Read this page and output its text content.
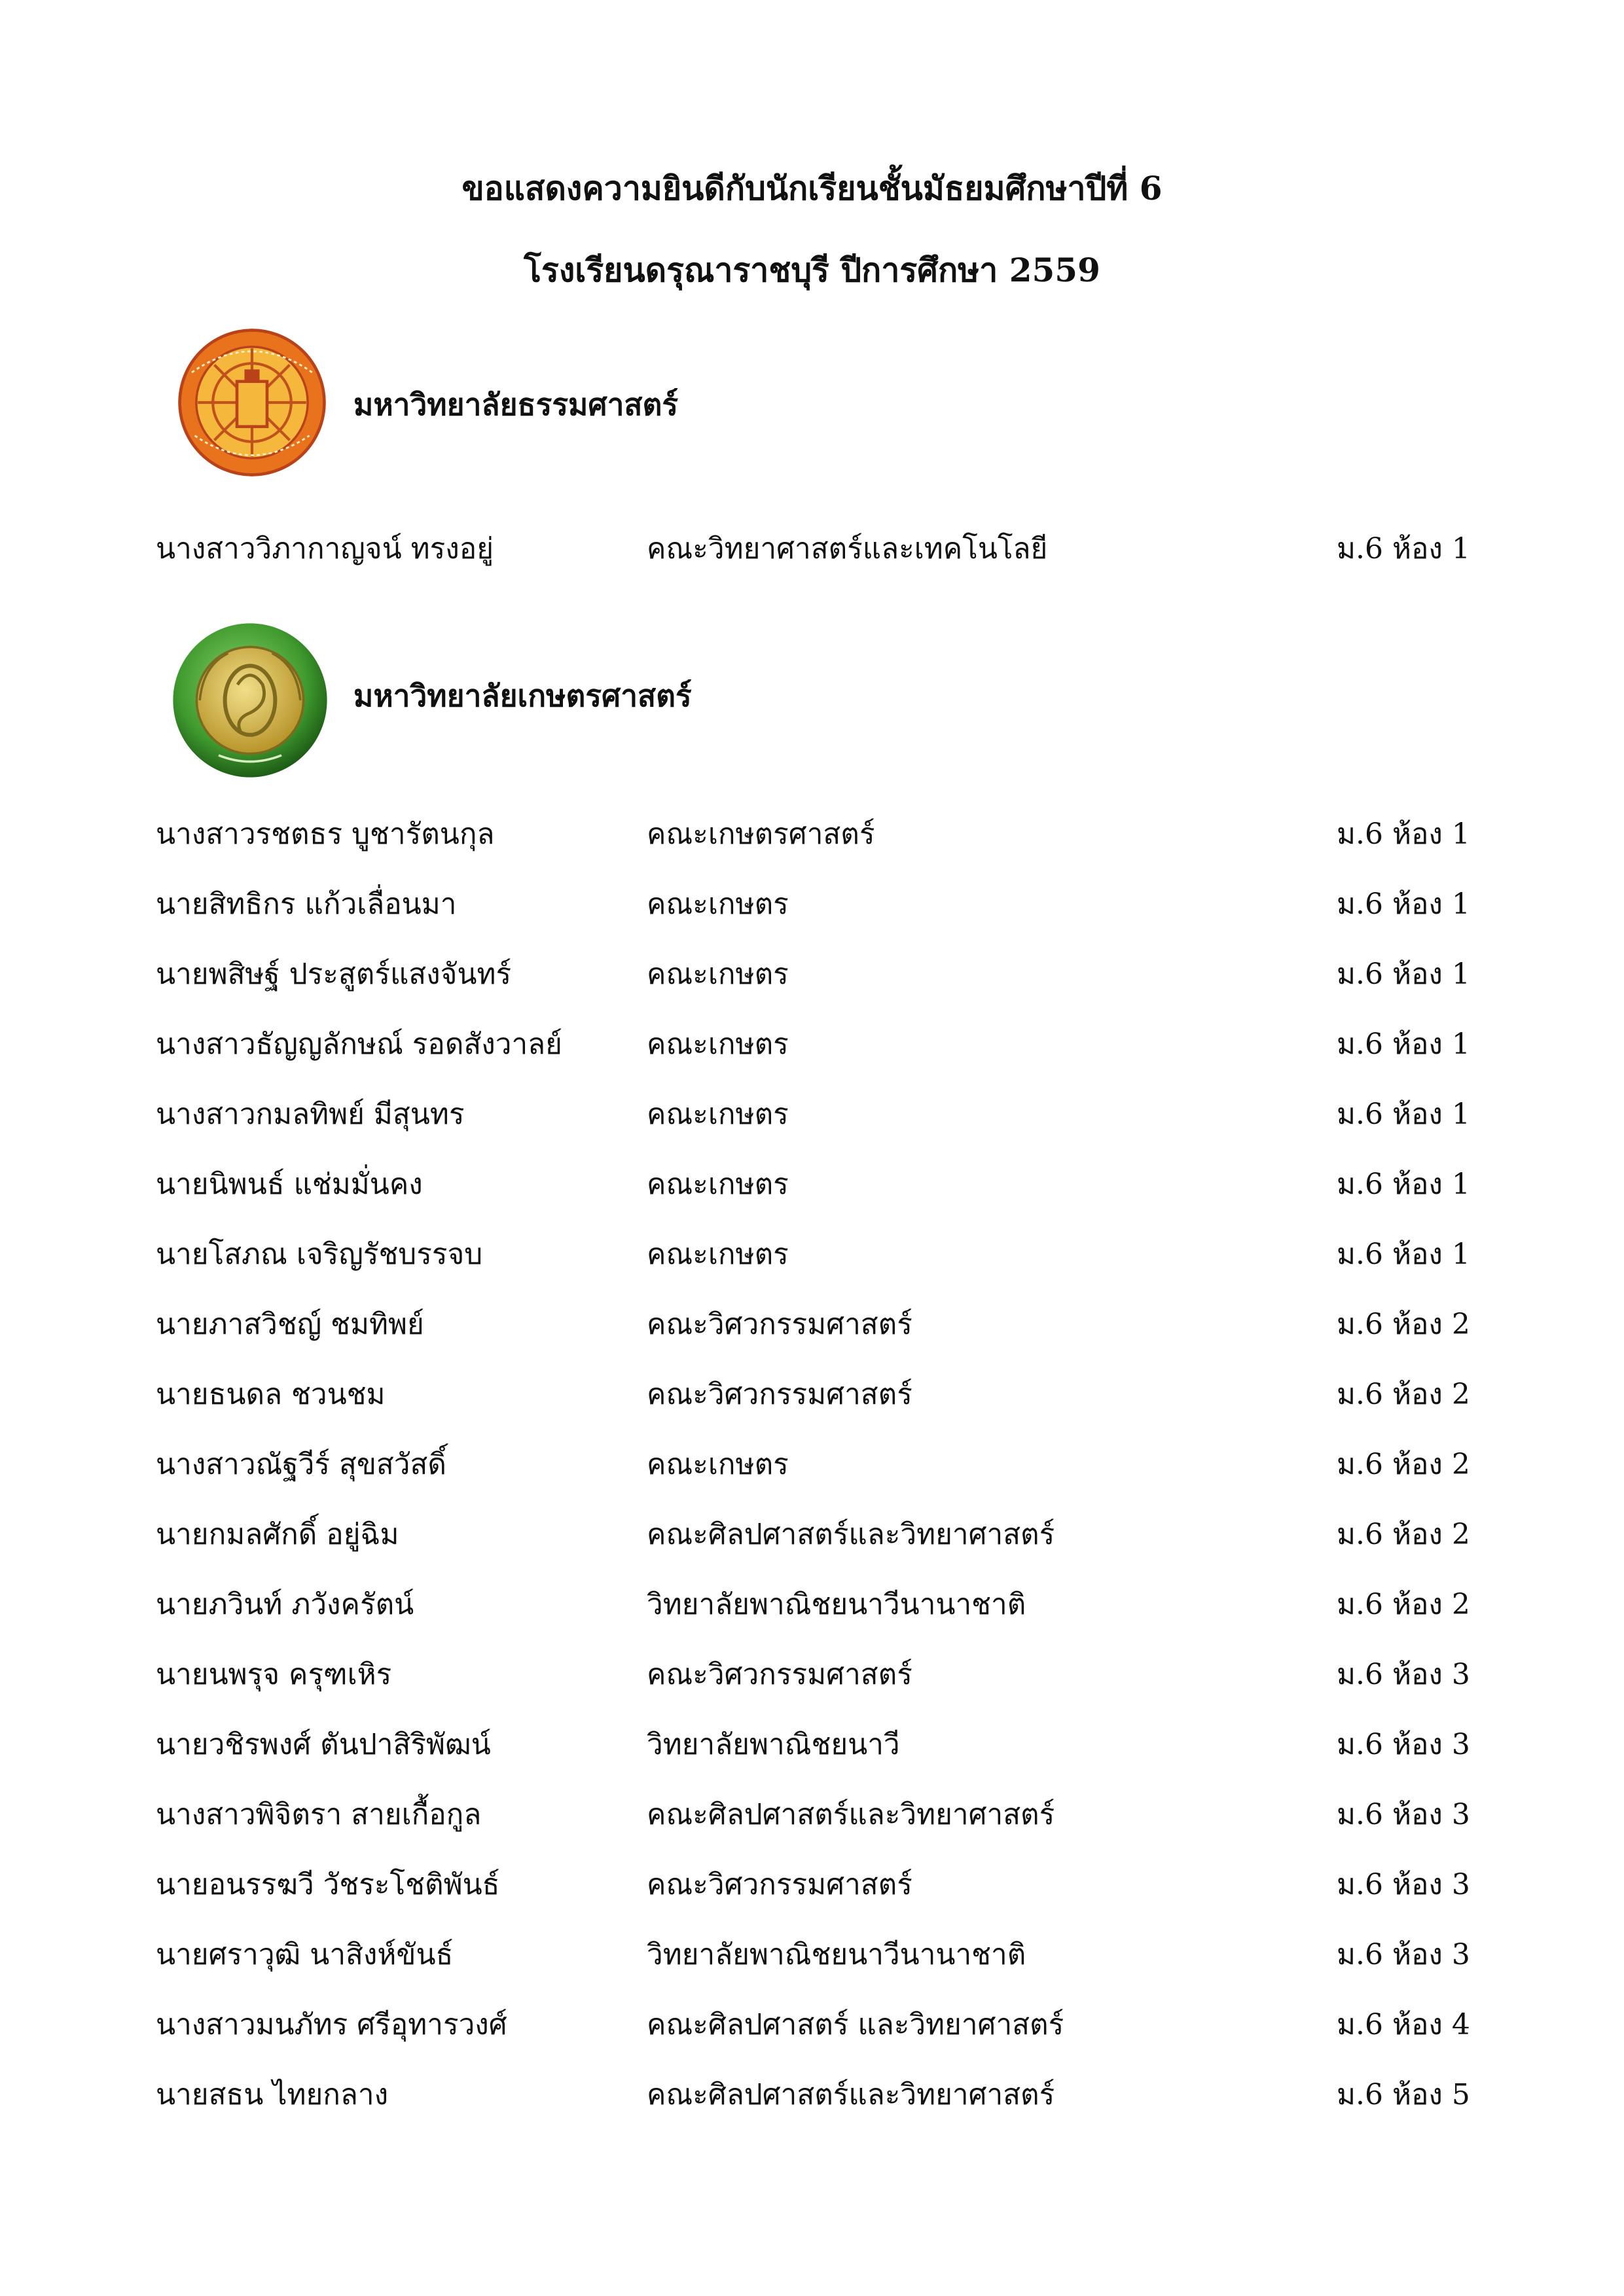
ขอแสดงความยินดีกับนักเรียนชั้นมัธยมศึกษาปีที่ 6
โรงเรียนดรุณาราชบุรี ปีการศึกษา 2559
มหาวิทยาลัยธรรมศาสตร์
นางสาววิภากาญจน์ ทรงอยู่	คณะวิทยาศาสตร์และเทคโนโลยี	ม.6 ห้อง 1
มหาวิทยาลัยเกษตรศาสตร์
นางสาวรชตธร บูชารัตนกุล	คณะเกษตรศาสตร์	ม.6 ห้อง 1
นายสิทธิกร แก้วเลื่อนมา	คณะเกษตร	ม.6 ห้อง 1
นายพสิษฐ์ ประสูตร์แสงจันทร์	คณะเกษตร	ม.6 ห้อง 1
นางสาวธัญญลักษณ์ รอดสังวาลย์	คณะเกษตร	ม.6 ห้อง 1
นางสาวกมลทิพย์ มีสุนทร	คณะเกษตร	ม.6 ห้อง 1
นายนิพนธ์ แช่มมั่นคง	คณะเกษตร	ม.6 ห้อง 1
นายโสภณ เจริญรัชบรรจบ	คณะเกษตร	ม.6 ห้อง 1
นายภาสวิชญ์ ชมทิพย์	คณะวิศวกรรมศาสตร์	ม.6 ห้อง 2
นายธนดล ชวนชม	คณะวิศวกรรมศาสตร์	ม.6 ห้อง 2
นางสาวณัฐวีร์ สุขสวัสดิ์	คณะเกษตร	ม.6 ห้อง 2
นายกมลศักดิ์ อยู่ฉิม	คณะศิลปศาสตร์และวิทยาศาสตร์	ม.6 ห้อง 2
นายภวินท์ ภวังครัตน์	วิทยาลัยพาณิชยนาวีนานาชาติ	ม.6 ห้อง 2
นายนพรุจ ครุฑเหิร	คณะวิศวกรรมศาสตร์	ม.6 ห้อง 3
นายวชิรพงศ์ ตันปาสิริพัฒน์	วิทยาลัยพาณิชยนาวี	ม.6 ห้อง 3
นางสาวพิจิตรา สายเกื้อกูล	คณะศิลปศาสตร์และวิทยาศาสตร์	ม.6 ห้อง 3
นายอนรรฆวี วัชระโชติพันธ์	คณะวิศวกรรมศาสตร์	ม.6 ห้อง 3
นายศราวุฒิ นาสิงห์ขันธ์	วิทยาลัยพาณิชยนาวีนานาชาติ	ม.6 ห้อง 3
นางสาวมนภัทร ศรีอุทารวงศ์	คณะศิลปศาสตร์ และวิทยาศาสตร์	ม.6 ห้อง 4
นายสธน ไทยกลาง	คณะศิลปศาสตร์และวิทยาศาสตร์	ม.6 ห้อง 5
